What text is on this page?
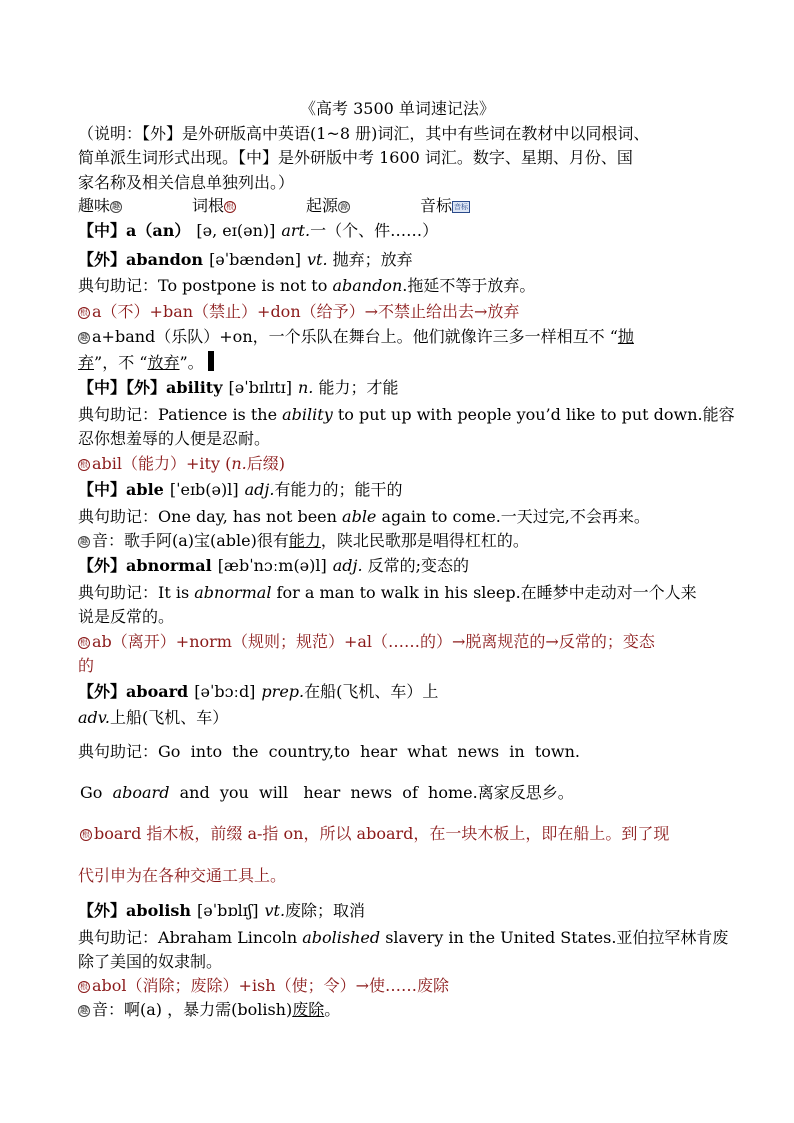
《高考 3500 单词速记法》
（说明：【外】是外研版高中英语(1~8 册)词汇，其中有些词在教材中以同根词、
简单派生词形式出现。【中】是外研版中考 1600 词汇。数字、星期、月份、国
家名称及相关信息单独列出。）
趣味 趣	词根 根	起源 源	音标 音标
【中】a（an） [ə, eɪ(ən)] art.一（个、件……）
【外】abandon [əˈbændən] vt. 抛弃；放弃
典句助记：To postpone is not to abandon.拖延不等于放弃。
根 a（不）+ban（禁止）+don（给予）→不禁止给出去→放弃
趣 a+band（乐队）+on，一个乐队在舞台上。他们就像许三多一样相互不 “抛
弃”，不 “放弃”。
【中】【外】ability [əˈbɪlɪtɪ] n. 能力；才能
典句助记：Patience is the ability to put up with people you’d like to put down.能容
忍你想羞辱的人便是忍耐。
根 abil（能力）+ity (n.后缀)
【中】able [ˈeɪb(ə)l] adj.有能力的；能干的
典句助记：One day, has not been able again to come.一天过完,不会再来。
趣 音：歌手阿(a)宝(able)很有能力，陕北民歌那是唱得杠杠的。
【外】abnormal [æbˈnɔːm(ə)l] adj. 反常的;变态的
典句助记：It is abnormal for a man to walk in his sleep.在睡梦中走动对一个人来
说是反常的。
根 ab（离开）+norm（规则；规范）+al（……的）→脱离规范的→反常的；变态
的
【外】aboard [əˈbɔːd] prep.在船(飞机、车）上
adv.上船(飞机、车）
典句助记：Go  into  the  country,to  hear  what  news  in  town.
Go  aboard  and  you  will   hear  news  of  home.离家反思乡。
根 board 指木板，前缀 a-指 on，所以 aboard，在一块木板上，即在船上。到了现
代引申为在各种交通工具上。
【外】abolish [əˈbɒlɪʃ] vt.废除；取消
典句助记：Abraham Lincoln abolished slavery in the United States.亚伯拉罕林肯废
除了美国的奴隶制。
根 abol（消除；废除）+ish（使；令）→使……废除
趣 音：啊(a) ，暴力需(bolish)废除。
